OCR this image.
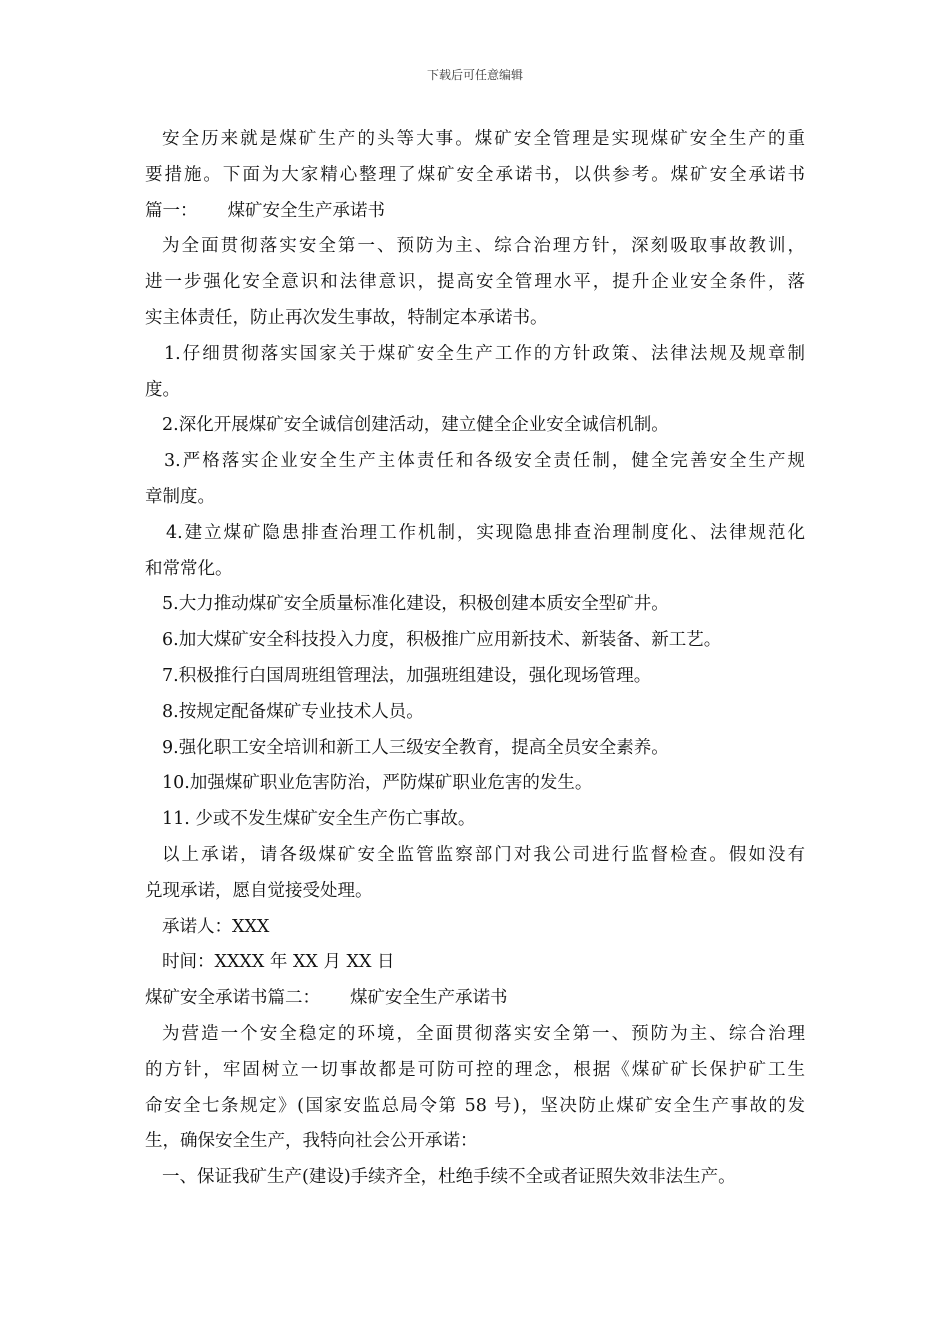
下载后可任意编辑
安全历来就是煤矿生产的头等大事。煤矿安全管理是实现煤矿安全生产的重
要措施。下面为大家精心整理了煤矿安全承诺书，以供参考。煤矿安全承诺书
篇一： 煤矿安全生产承诺书
为全面贯彻落实安全第一、预防为主、综合治理方针，深刻吸取事故教训，
进一步强化安全意识和法律意识，提高安全管理水平，提升企业安全条件，落
实主体责任，防止再次发生事故，特制定本承诺书。
1.仔细贯彻落实国家关于煤矿安全生产工作的方针政策、法律法规及规章制
度。
2.深化开展煤矿安全诚信创建活动，建立健全企业安全诚信机制。
3.严格落实企业安全生产主体责任和各级安全责任制，健全完善安全生产规
章制度。
4.建立煤矿隐患排查治理工作机制，实现隐患排查治理制度化、法律规范化
和常常化。
5.大力推动煤矿安全质量标准化建设，积极创建本质安全型矿井。
6.加大煤矿安全科技投入力度，积极推广应用新技术、新装备、新工艺。
7.积极推行白国周班组管理法，加强班组建设，强化现场管理。
8.按规定配备煤矿专业技术人员。
9.强化职工安全培训和新工人三级安全教育，提高全员安全素养。
10.加强煤矿职业危害防治，严防煤矿职业危害的发生。
11. 少或不发生煤矿安全生产伤亡事故。
以上承诺，请各级煤矿安全监管监察部门对我公司进行监督检查。假如没有
兑现承诺，愿自觉接受处理。
承诺人：XXX
时间：XXXX 年 XX 月 XX 日
煤矿安全承诺书篇二： 煤矿安全生产承诺书
为营造一个安全稳定的环境，全面贯彻落实安全第一、预防为主、综合治理
的方针，牢固树立一切事故都是可防可控的理念，根据《煤矿矿长保护矿工生
命安全七条规定》(国家安监总局令第 58 号)，坚决防止煤矿安全生产事故的发
生，确保安全生产，我特向社会公开承诺：
一、保证我矿生产(建设)手续齐全，杜绝手续不全或者证照失效非法生产。
